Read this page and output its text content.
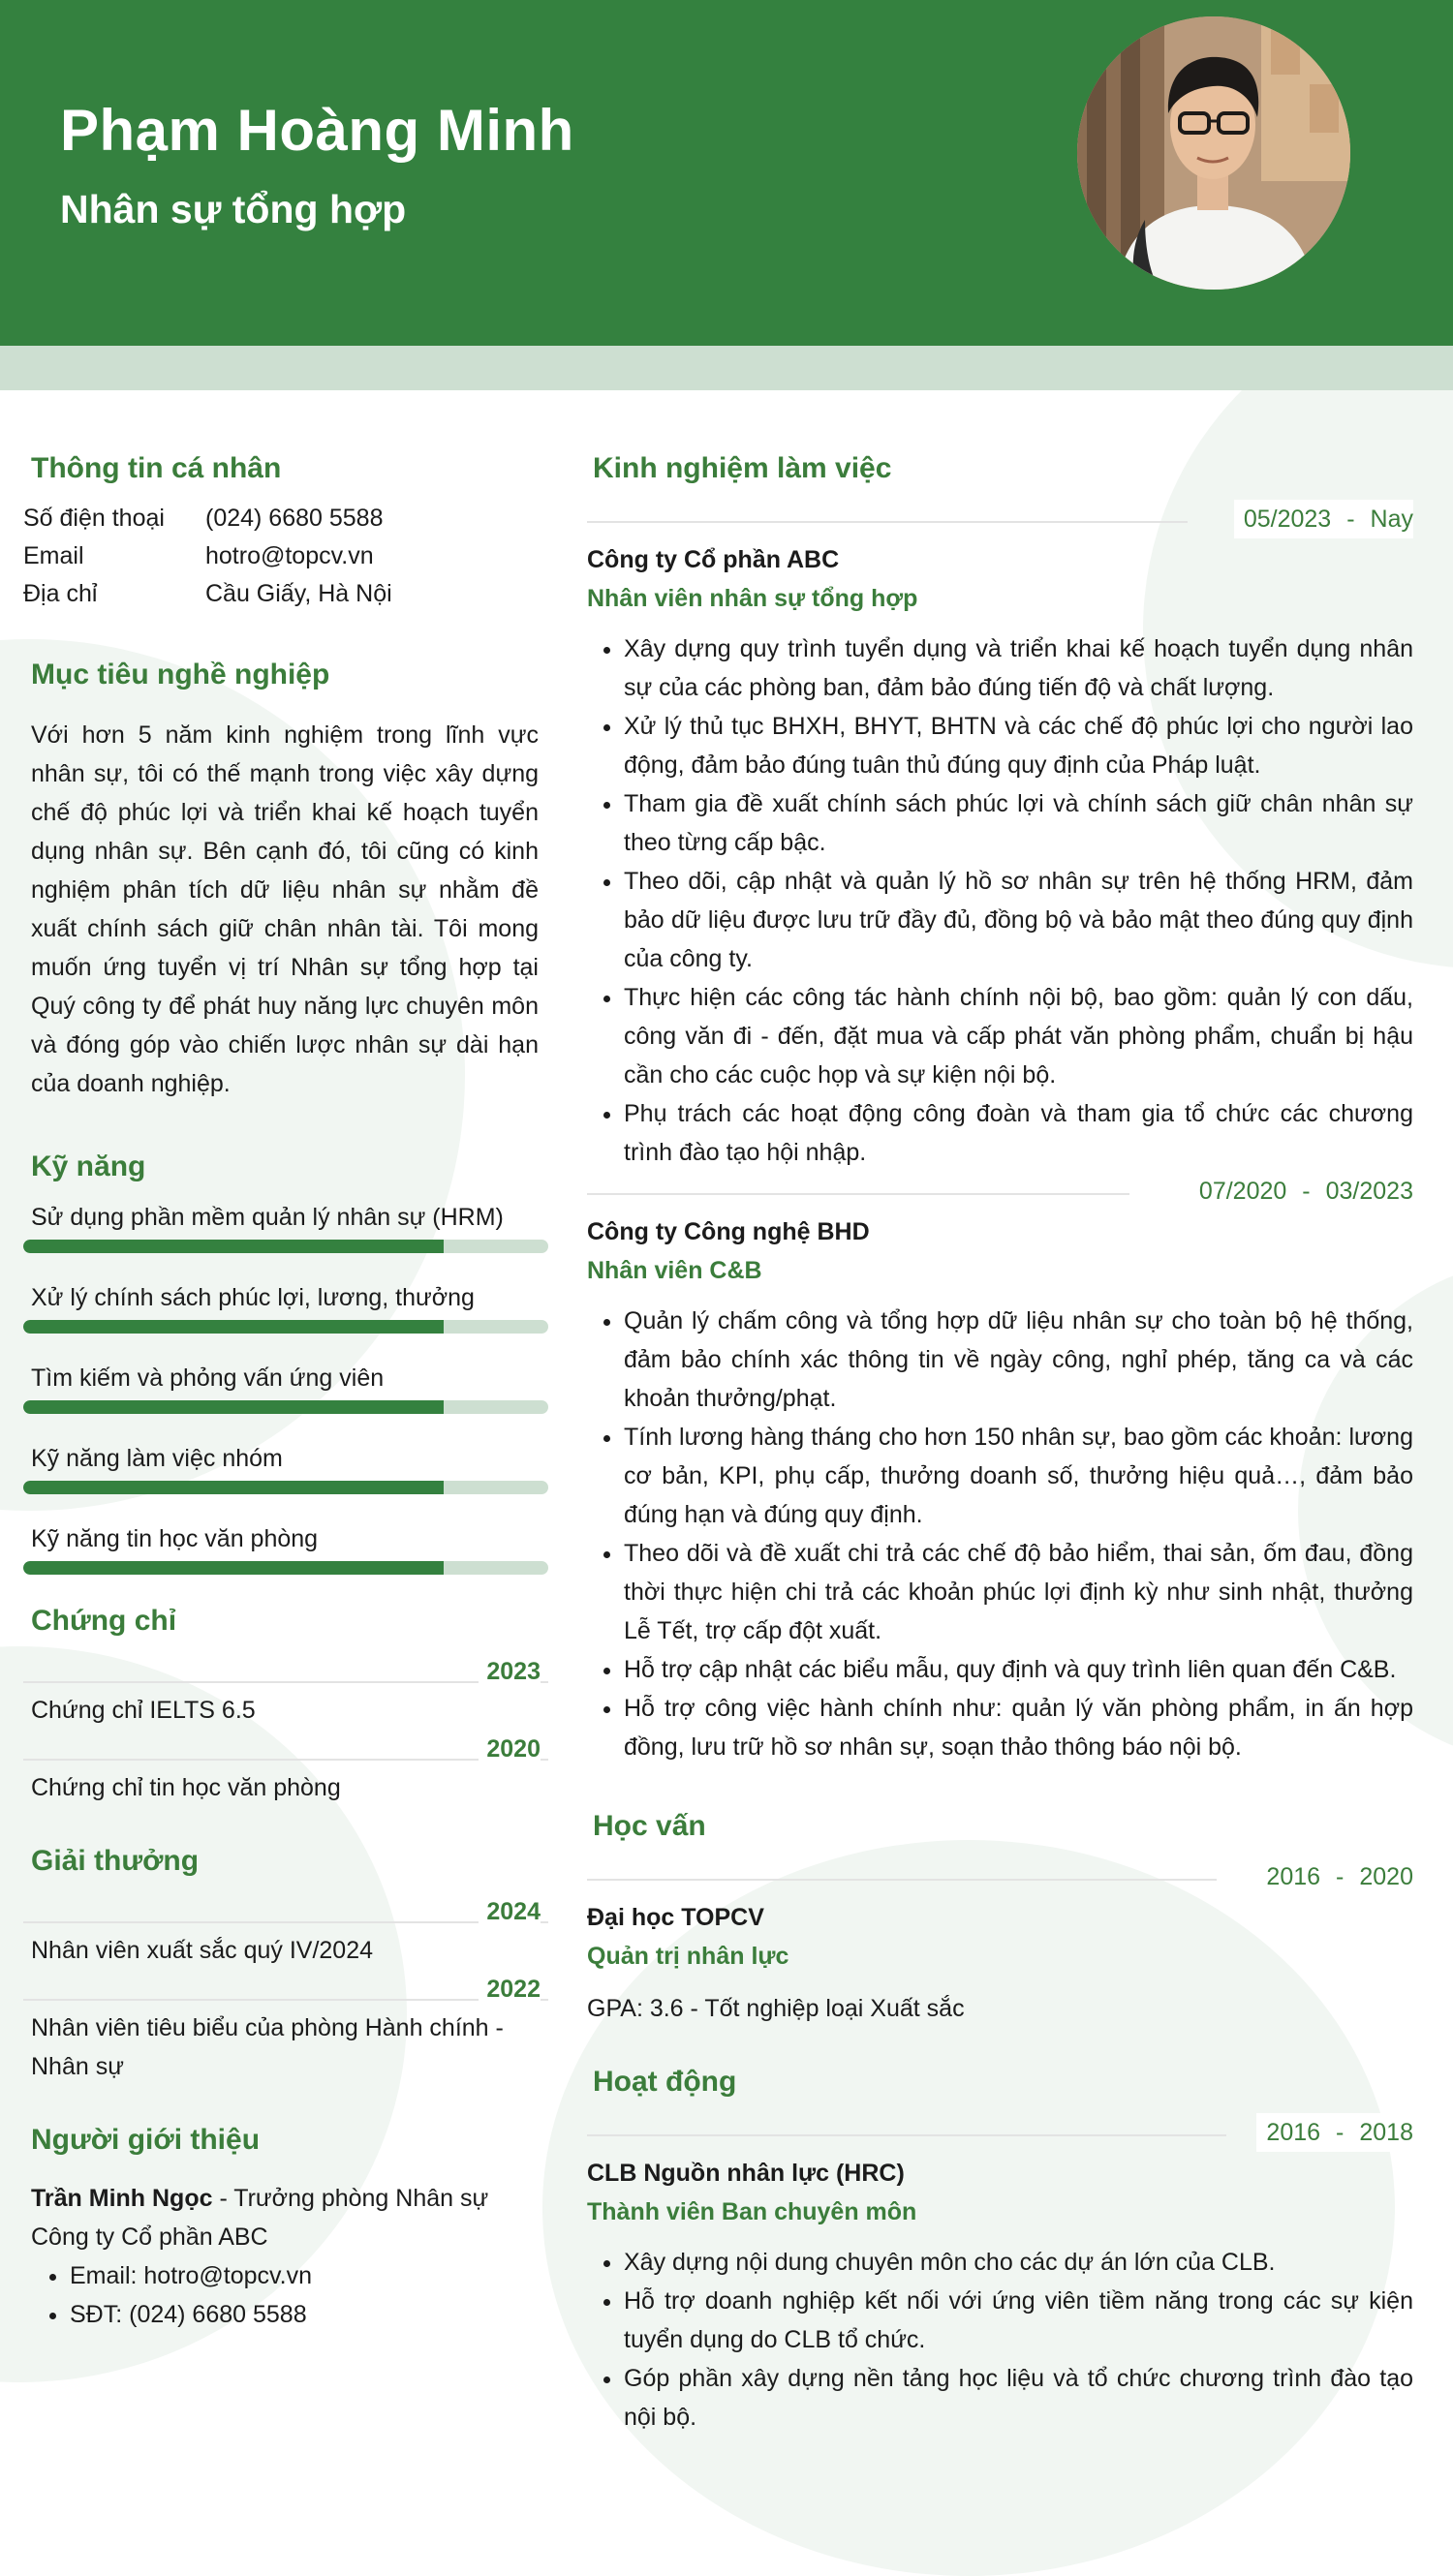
Phạm Hoàng Minh
Nhân sự tổng hợp
Thông tin cá nhân
Số điện thoại	(024) 6680 5588
Email	hotro@topcv.vn
Địa chỉ	Cầu Giấy, Hà Nội
Mục tiêu nghề nghiệp

Với hơn 5 năm kinh nghiệm trong lĩnh vực nhân sự, tôi có thế mạnh trong việc xây dựng chế độ phúc lợi và triển khai kế hoạch tuyển dụng nhân sự. Bên cạnh đó, tôi cũng có kinh nghiệm phân tích dữ liệu nhân sự nhằm đề xuất chính sách giữ chân nhân tài. Tôi mong muốn ứng tuyển vị trí Nhân sự tổng hợp tại Quý công ty để phát huy năng lực chuyên môn và đóng góp vào chiến lược nhân sự dài hạn của doanh nghiệp.

Kỹ năng
Sử dụng phần mềm quản lý nhân sự (HRM)
Xử lý chính sách phúc lợi, lương, thưởng
Tìm kiếm và phỏng vấn ứng viên
Kỹ năng làm việc nhóm
Kỹ năng tin học văn phòng
Chứng chỉ
2023
Chứng chỉ IELTS 6.5
2020
Chứng chỉ tin học văn phòng
Giải thưởng
2024
Nhân viên xuất sắc quý IV/2024
2022
Nhân viên tiêu biểu của phòng Hành chính - Nhân sự
Người giới thiệu
Trần Minh Ngọc - Trưởng phòng Nhân sự
Công ty Cổ phần ABC
• Email: hotro@topcv.vn
• SĐT: (024) 6680 5588
Kinh nghiệm làm việc
05/2023 - Nay
Công ty Cổ phần ABC
Nhân viên nhân sự tổng hợp
• Xây dựng quy trình tuyển dụng và triển khai kế hoạch tuyển dụng nhân sự của các phòng ban, đảm bảo đúng tiến độ và chất lượng.
• Xử lý thủ tục BHXH, BHYT, BHTN và các chế độ phúc lợi cho người lao động, đảm bảo đúng tuân thủ đúng quy định của Pháp luật.
• Tham gia đề xuất chính sách phúc lợi và chính sách giữ chân nhân sự theo từng cấp bậc.
• Theo dõi, cập nhật và quản lý hồ sơ nhân sự trên hệ thống HRM, đảm bảo dữ liệu được lưu trữ đầy đủ, đồng bộ và bảo mật theo đúng quy định của công ty.
• Thực hiện các công tác hành chính nội bộ, bao gồm: quản lý con dấu, công văn đi - đến, đặt mua và cấp phát văn phòng phẩm, chuẩn bị hậu cần cho các cuộc họp và sự kiện nội bộ.
• Phụ trách các hoạt động công đoàn và tham gia tổ chức các chương trình đào tạo hội nhập.
07/2020 - 03/2023
Công ty Công nghệ BHD
Nhân viên C&B
• Quản lý chấm công và tổng hợp dữ liệu nhân sự cho toàn bộ hệ thống, đảm bảo chính xác thông tin về ngày công, nghỉ phép, tăng ca và các khoản thưởng/phạt.
• Tính lương hàng tháng cho hơn 150 nhân sự, bao gồm các khoản: lương cơ bản, KPI, phụ cấp, thưởng doanh số, thưởng hiệu quả…, đảm bảo đúng hạn và đúng quy định.
• Theo dõi và đề xuất chi trả các chế độ bảo hiểm, thai sản, ốm đau, đồng thời thực hiện chi trả các khoản phúc lợi định kỳ như sinh nhật, thưởng Lễ Tết, trợ cấp đột xuất.
• Hỗ trợ cập nhật các biểu mẫu, quy định và quy trình liên quan đến C&B.
• Hỗ trợ công việc hành chính như: quản lý văn phòng phẩm, in ấn hợp đồng, lưu trữ hồ sơ nhân sự, soạn thảo thông báo nội bộ.
Học vấn
2016 - 2020
Đại học TOPCV
Quản trị nhân lực
GPA: 3.6 - Tốt nghiệp loại Xuất sắc
Hoạt động
2016 - 2018
CLB Nguồn nhân lực (HRC)
Thành viên Ban chuyên môn
• Xây dựng nội dung chuyên môn cho các dự án lớn của CLB.
• Hỗ trợ doanh nghiệp kết nối với ứng viên tiềm năng trong các sự kiện tuyển dụng do CLB tổ chức.
• Góp phần xây dựng nền tảng học liệu và tổ chức chương trình đào tạo nội bộ.
